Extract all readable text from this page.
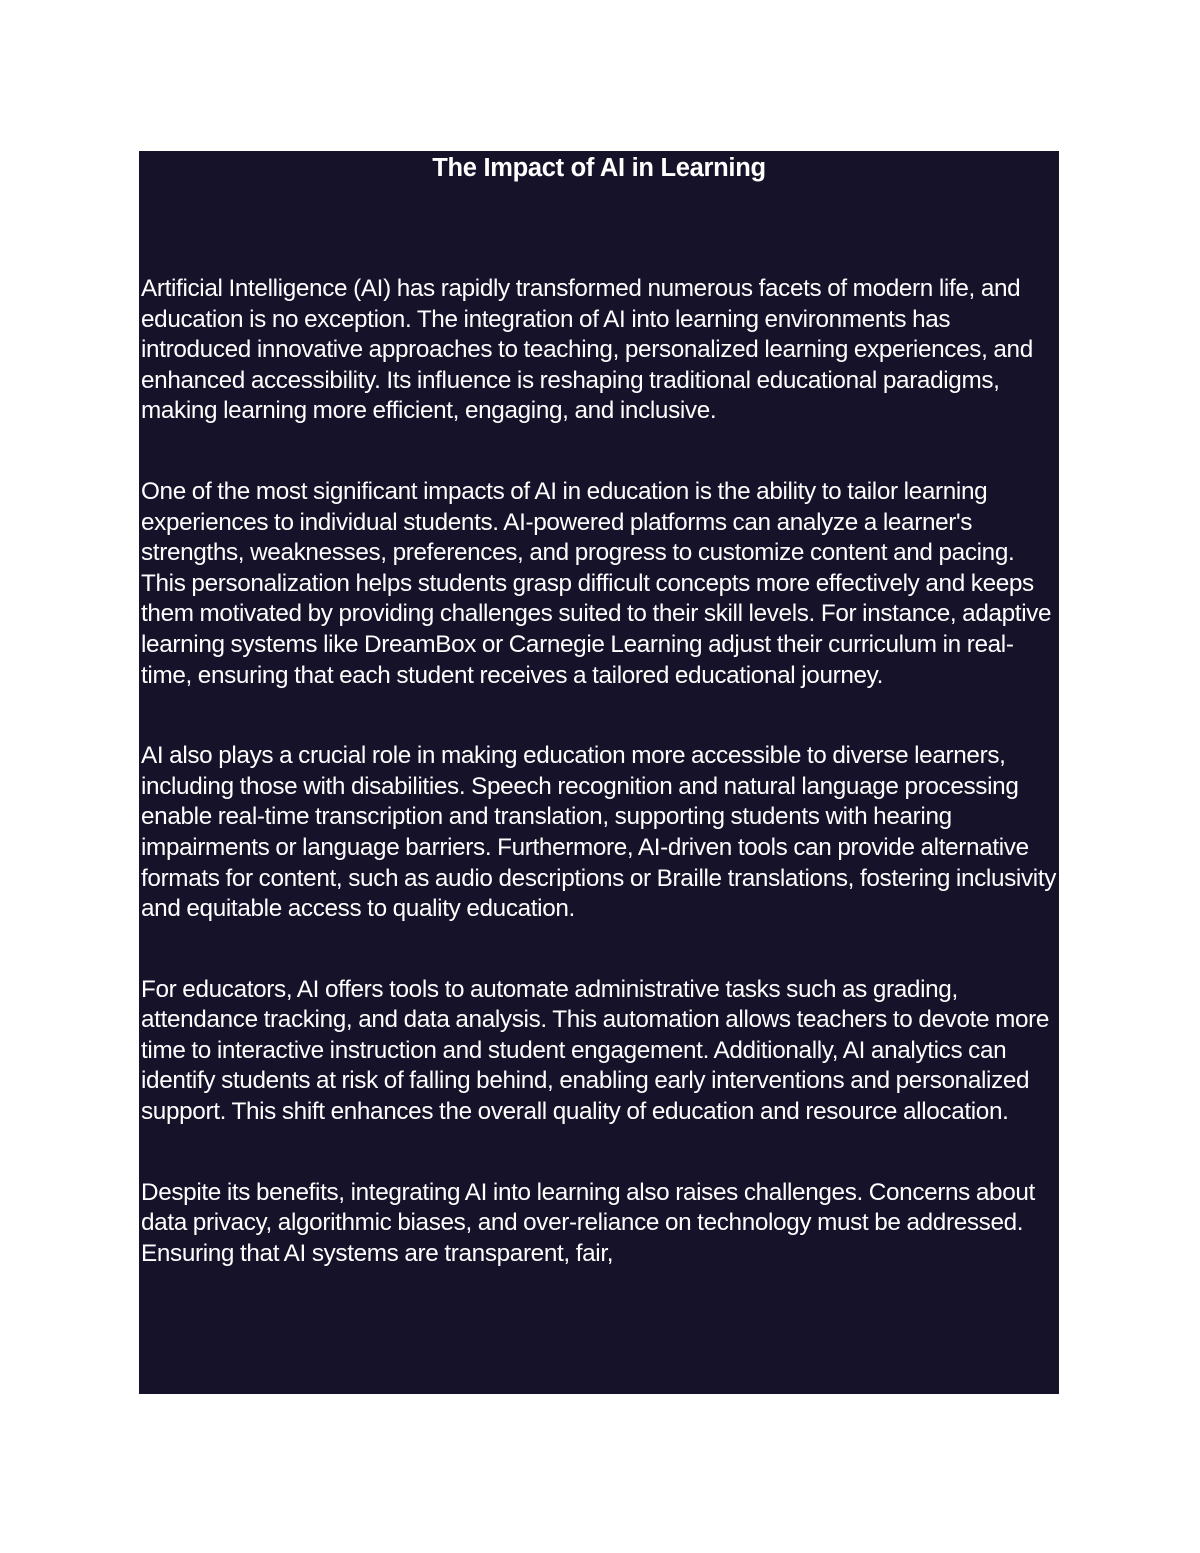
The Impact of AI in Learning

Artificial Intelligence (AI) has rapidly transformed numerous facets of modern life, and education is no exception. The integration of AI into learning environments has introduced innovative approaches to teaching, personalized learning experiences, and enhanced accessibility. Its influence is reshaping traditional educational paradigms, making learning more efficient, engaging, and inclusive.

One of the most significant impacts of AI in education is the ability to tailor learning experiences to individual students. AI-powered platforms can analyze a learner's strengths, weaknesses, preferences, and progress to customize content and pacing. This personalization helps students grasp difficult concepts more effectively and keeps them motivated by providing challenges suited to their skill levels. For instance, adaptive learning systems like DreamBox or Carnegie Learning adjust their curriculum in real-time, ensuring that each student receives a tailored educational journey.

AI also plays a crucial role in making education more accessible to diverse learners, including those with disabilities. Speech recognition and natural language processing enable real-time transcription and translation, supporting students with hearing impairments or language barriers. Furthermore, AI-driven tools can provide alternative formats for content, such as audio descriptions or Braille translations, fostering inclusivity and equitable access to quality education.

For educators, AI offers tools to automate administrative tasks such as grading, attendance tracking, and data analysis. This automation allows teachers to devote more time to interactive instruction and student engagement. Additionally, AI analytics can identify students at risk of falling behind, enabling early interventions and personalized support. This shift enhances the overall quality of education and resource allocation.

Despite its benefits, integrating AI into learning also raises challenges. Concerns about data privacy, algorithmic biases, and over-reliance on technology must be addressed. Ensuring that AI systems are transparent, fair,
